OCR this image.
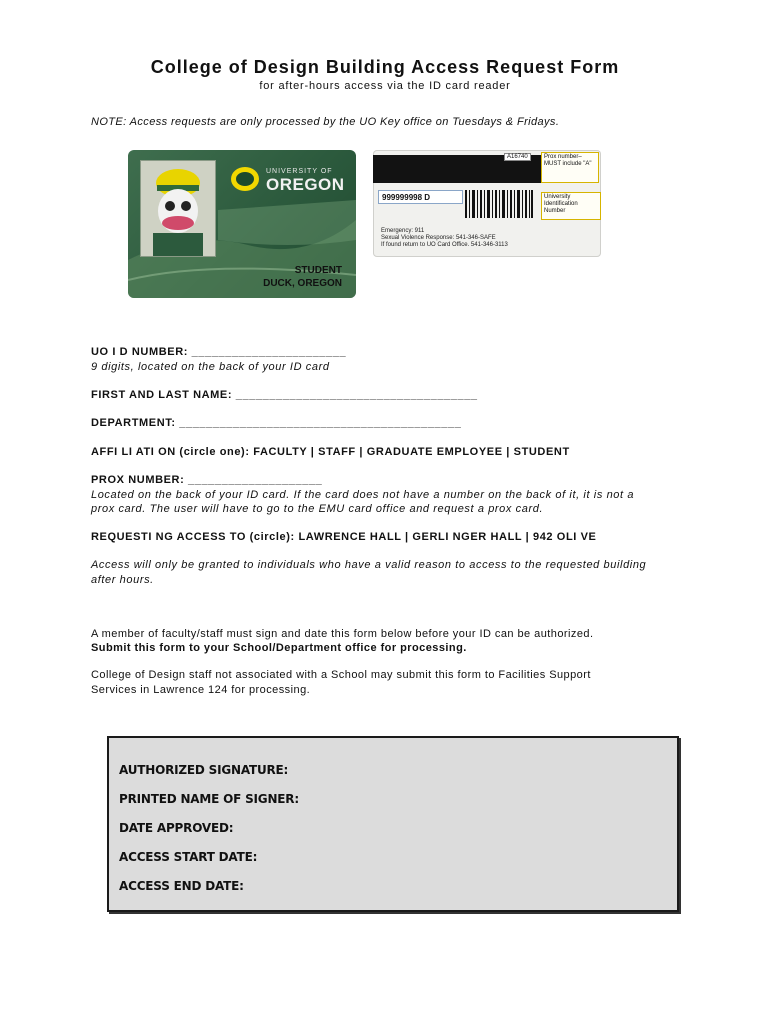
College of Design Building Access Request Form
for after-hours access via the ID card reader
NOTE: Access requests are only processed by the UO Key office on Tuesdays & Fridays.
UNIVERSITY OF
OREGON
STUDENT
DUCK, OREGON
A16740	Prox number– MUST include "A"
999999998 D	University Identification Number
Emergency: 911
Sexual Violence Response: 541-346-SAFE
If found return to UO Card Office. 541-346-3113
UO I D NUMBER: _______________________
9 digits, located on the back of your ID card
FIRST AND LAST NAME: ____________________________________
DEPARTMENT: __________________________________________
AFFI LI ATI ON (circle one): FACULTY | STAFF | GRADUATE EMPLOYEE | STUDENT
PROX NUMBER: ____________________
Located on the back of your ID card. If the card does not have a number on the back of it, it is not a
prox card. The user will have to go to the EMU card office and request a prox card.
REQUESTI NG ACCESS TO (circle): LAWRENCE HALL | GERLI NGER HALL | 942 OLI VE
Access will only be granted to individuals who have a valid reason to access to the requested building
after hours.
A member of faculty/staff must sign and date this form below before your ID can be authorized.
Submit this form to your School/Department office for processing.
College of Design staff not associated with a School may submit this form to Facilities Support
Services in Lawrence 124 for processing.
AUTHORIZED SIGNATURE:
PRINTED NAME OF SIGNER:
DATE APPROVED:
ACCESS START DATE:
ACCESS END DATE:
